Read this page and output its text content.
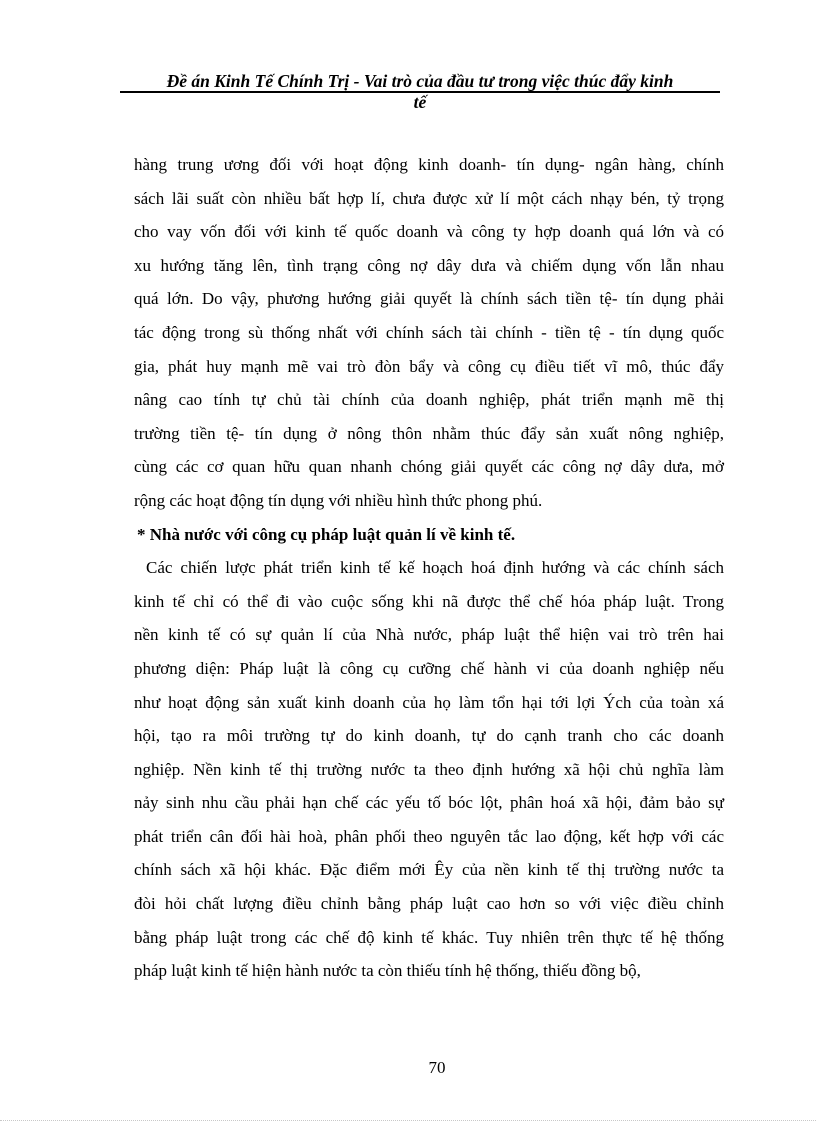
Đề án Kinh Tế Chính Trị - Vai trò của đầu tư trong việc thúc đẩy kinh
tế
hàng trung ương đối với hoạt động kinh doanh- tín dụng- ngân hàng, chính
sách lãi suất còn nhiều bất hợp lí, chưa được xử lí một cách nhạy bén, tỷ trọng
cho vay vốn đối với kinh tế quốc doanh và công ty hợp doanh quá lớn và có
xu hướng tăng lên, tình trạng công nợ dây dưa và chiếm dụng vốn lẫn nhau
quá lớn. Do vậy, phương hướng giải quyết là chính sách tiền tệ- tín dụng phải
tác động trong sù thống nhất với chính sách tài chính - tiền tệ - tín dụng quốc
gia, phát huy mạnh mẽ vai trò đòn bẩy và công cụ điều tiết vĩ mô, thúc đẩy
nâng cao tính tự chủ tài chính của doanh nghiệp, phát triển mạnh mẽ thị
trường tiền tệ- tín dụng ở nông thôn nhằm thúc đẩy sản xuất nông nghiệp,
cùng các cơ quan hữu quan nhanh chóng giải quyết các công nợ dây dưa, mở
rộng các hoạt động tín dụng với nhiều hình thức phong phú.
* Nhà nước với công cụ pháp luật quản lí về kinh tế.
Các chiến lược phát triển kinh tế kế hoạch hoá định hướng và các chính sách
kinh tế chỉ có thể đi vào cuộc sống khi nã được thể chế hóa pháp luật. Trong
nền kinh tế có sự quản lí của Nhà nước, pháp luật thể hiện vai trò trên hai
phương diện: Pháp luật là công cụ cưỡng chế hành vi của doanh nghiệp nếu
như hoạt động sản xuất kinh doanh của họ làm tổn hại tới lợi Ých của toàn xá
hội, tạo ra môi trường tự do kinh doanh, tự do cạnh tranh cho các doanh
nghiệp. Nền kinh tế thị trường nước ta theo định hướng xã hội chủ nghĩa làm
nảy sinh nhu cầu phải hạn chế các yếu tố bóc lột, phân hoá xã hội, đảm bảo sự
phát triển cân đối hài hoà, phân phối theo nguyên tắc lao động, kết hợp với các
chính sách xã hội khác. Đặc điểm mới Êy của nền kinh tế thị trường nước ta
đòi hỏi chất lượng điều chỉnh bằng pháp luật cao hơn so với việc điều chỉnh
bằng pháp luật trong các chế độ kinh tế khác. Tuy nhiên trên thực tế hệ thống
pháp luật kinh tế hiện hành nước ta còn thiếu tính hệ thống, thiếu đồng bộ,
70
